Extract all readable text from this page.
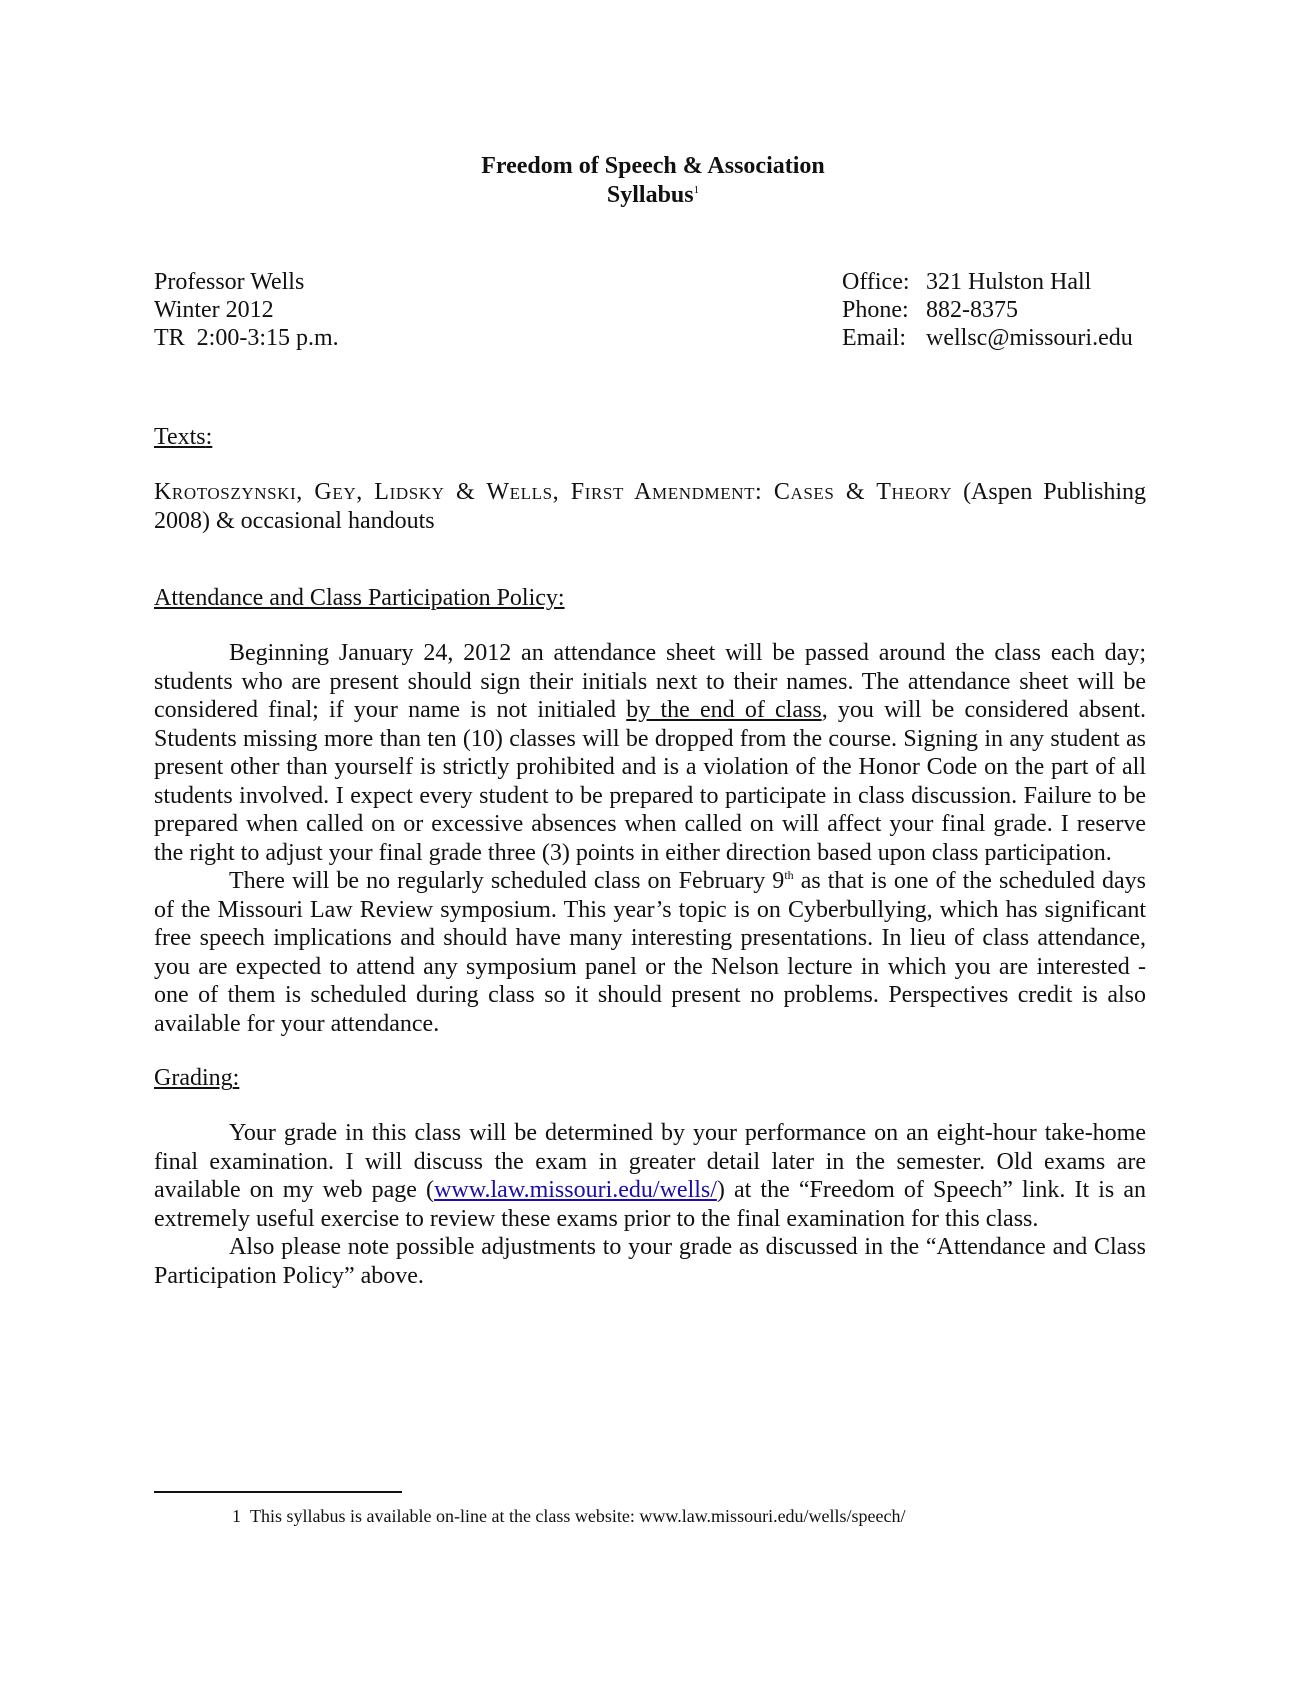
Freedom of Speech & Association
Syllabus$^1$
Professor Wells
Winter 2012
TR  2:00-3:15 p.m.
Office: 321 Hulston Hall
Phone: 882-8375
Email: wellsc@missouri.edu
Texts:
Krotoszynski, Gey, Lidsky & Wells, First Amendment: Cases & Theory (Aspen Publishing 2008) & occasional handouts
Attendance and Class Participation Policy:

Beginning January 24, 2012 an attendance sheet will be passed around the class each day; students who are present should sign their initials next to their names. The attendance sheet will be considered final; if your name is not initialed by the end of class, you will be considered absent. Students missing more than ten (10) classes will be dropped from the course. Signing in any student as present other than yourself is strictly prohibited and is a violation of the Honor Code on the part of all students involved. I expect every student to be prepared to participate in class discussion. Failure to be prepared when called on or excessive absences when called on will affect your final grade. I reserve the right to adjust your final grade three (3) points in either direction based upon class participation.

There will be no regularly scheduled class on February 9th as that is one of the scheduled days of the Missouri Law Review symposium. This year’s topic is on Cyberbullying, which has significant free speech implications and should have many interesting presentations. In lieu of class attendance, you are expected to attend any symposium panel or the Nelson lecture in which you are interested - one of them is scheduled during class so it should present no problems. Perspectives credit is also available for your attendance.

Grading:

Your grade in this class will be determined by your performance on an eight-hour take-home final examination. I will discuss the exam in greater detail later in the semester. Old exams are available on my web page (www.law.missouri.edu/wells/) at the “Freedom of Speech” link. It is an extremely useful exercise to review these exams prior to the final examination for this class.

Also please note possible adjustments to your grade as discussed in the “Attendance and Class Participation Policy” above.

1 This syllabus is available on-line at the class website: www.law.missouri.edu/wells/speech/
